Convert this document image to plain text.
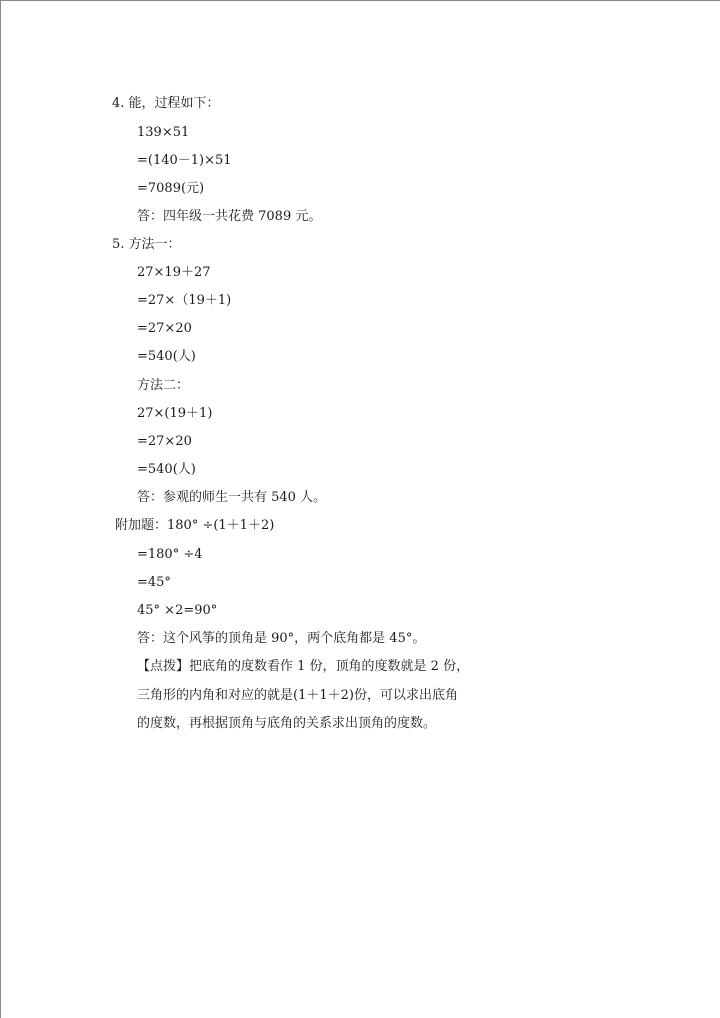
4. 能，过程如下：
139×51
=(140－1)×51
=7089(元)
答：四年级一共花费 7089 元。
5. 方法一：
27×19＋27
=27×（19＋1)
=27×20
=540(人)
方法二：
27×(19＋1)
=27×20
=540(人)
答：参观的师生一共有 540 人。
附加题：180° ÷(1＋1＋2)
=180° ÷4
=45°
45° ×2=90°
答：这个风筝的顶角是 90°，两个底角都是 45°。
【点拨】把底角的度数看作 1 份，顶角的度数就是 2 份，
三角形的内角和对应的就是(1＋1＋2)份，可以求出底角
的度数，再根据顶角与底角的关系求出顶角的度数。
